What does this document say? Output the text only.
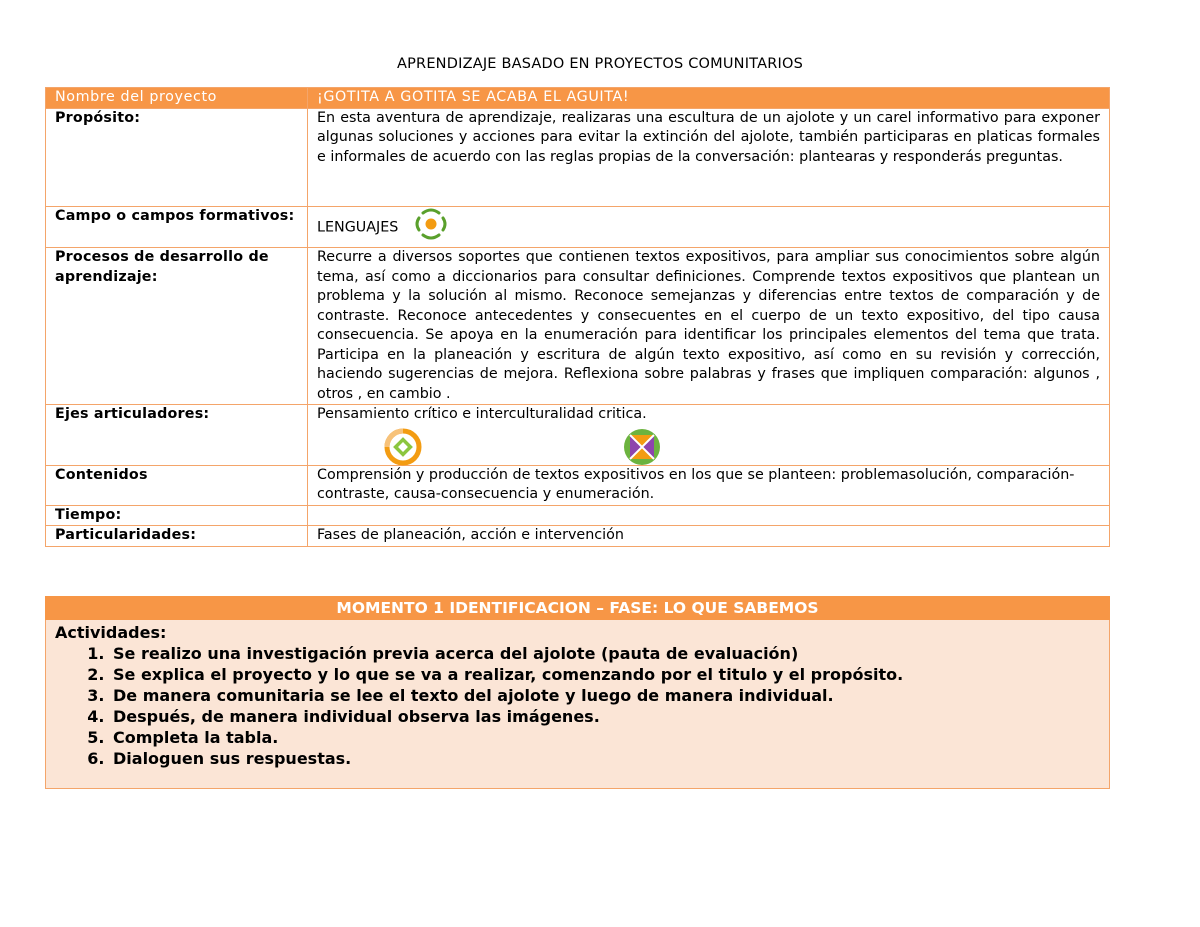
APRENDIZAJE BASADO EN PROYECTOS COMUNITARIOS
Nombre del proyecto	¡GOTITA A GOTITA SE ACABA EL AGUITA!
Propósito:	En esta aventura de aprendizaje, realizaras una escultura de un ajolote y un carel informativo para exponer algunas soluciones y acciones para evitar la extinción del ajolote, también participaras en platicas formales e informales de acuerdo con las reglas propias de la conversación: plantearas y responderás preguntas.
Campo o campos formativos:	LENGUAJES
Procesos de desarrollo de aprendizaje:	Recurre a diversos soportes que contienen textos expositivos, para ampliar sus conocimientos sobre algún tema, así como a diccionarios para consultar definiciones. Comprende textos expositivos que plantean un problema y la solución al mismo. Reconoce semejanzas y diferencias entre textos de comparación y de contraste. Reconoce antecedentes y consecuentes en el cuerpo de un texto expositivo, del tipo causa consecuencia. Se apoya en la enumeración para identificar los principales elementos del tema que trata. Participa en la planeación y escritura de algún texto expositivo, así como en su revisión y corrección, haciendo sugerencias de mejora. Reflexiona sobre palabras y frases que impliquen comparación: algunos , otros , en cambio .
Ejes articuladores:	Pensamiento crítico e interculturalidad critica.

Contenidos	Comprensión y producción de textos expositivos en los que se planteen: problemasolución, comparación-contraste, causa-consecuencia y enumeración.
Tiempo:	
Particularidades:	Fases de planeación, acción e intervención
MOMENTO 1 IDENTIFICACION – FASE: LO QUE SABEMOS
Actividades:
1. Se realizo una investigación previa acerca del ajolote (pauta de evaluación)
2. Se explica el proyecto y lo que se va a realizar, comenzando por el titulo y el propósito.
3. De manera comunitaria se lee el texto del ajolote y luego de manera individual.
4. Después, de manera individual observa las imágenes.
5. Completa la tabla.
6. Dialoguen sus respuestas.
